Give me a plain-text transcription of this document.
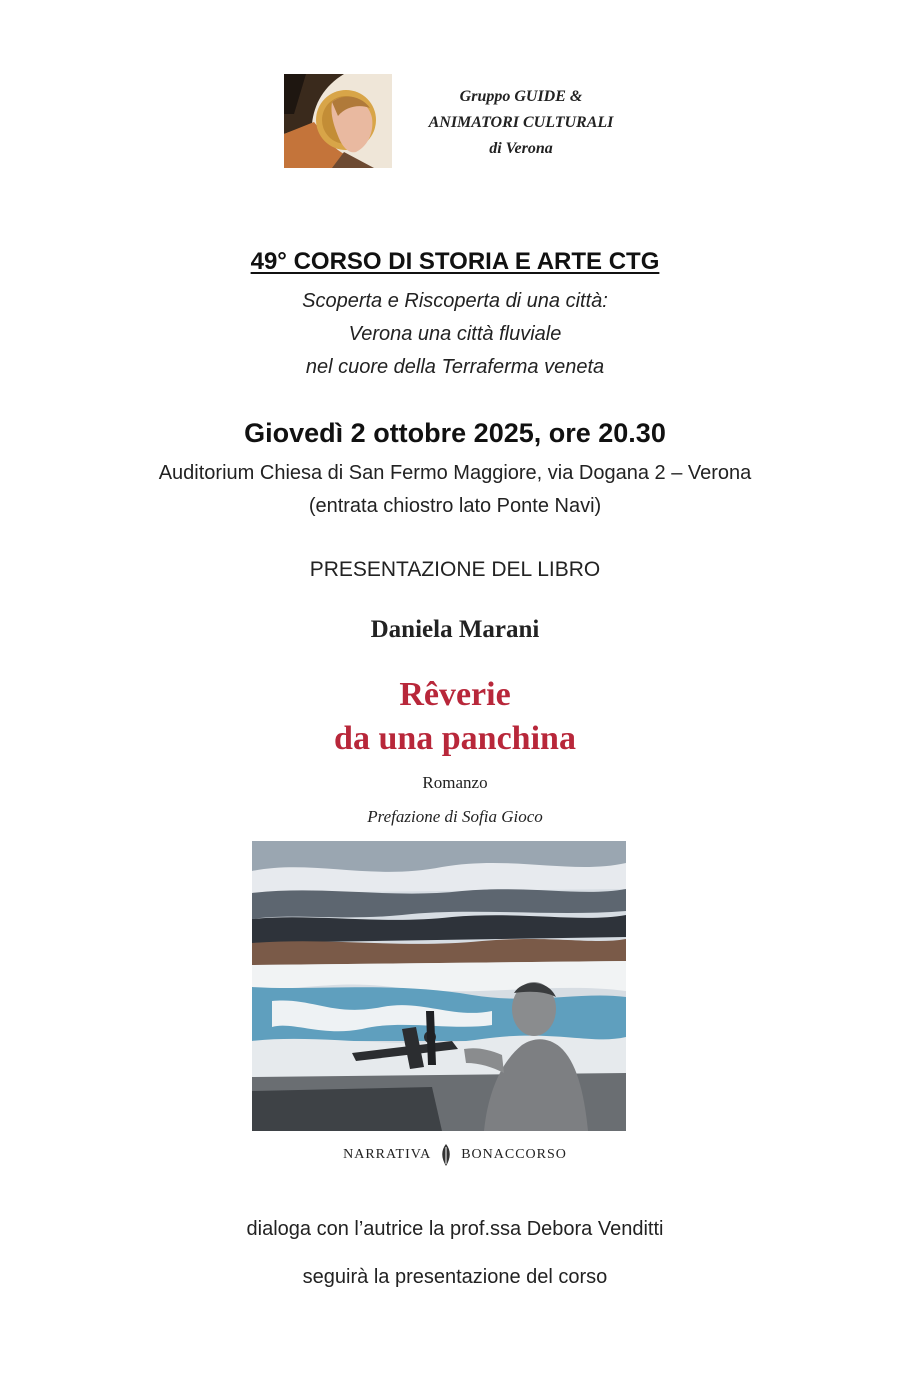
Gruppo GUIDE &
ANIMATORI CULTURALI
di Verona
49° CORSO DI STORIA E ARTE CTG
Scoperta e Riscoperta di una città:
Verona una città fluviale
nel cuore della Terraferma veneta
Giovedì 2 ottobre 2025, ore 20.30
Auditorium Chiesa di San Fermo Maggiore, via Dogana 2 – Verona
(entrata chiostro lato Ponte Navi)
PRESENTAZIONE DEL LIBRO
Daniela Marani
Rêverie
da una panchina
Romanzo
Prefazione di Sofia Gioco
NARRATIVA BONACCORSO
dialoga con l’autrice la prof.ssa Debora Venditti
seguirà la presentazione del corso
